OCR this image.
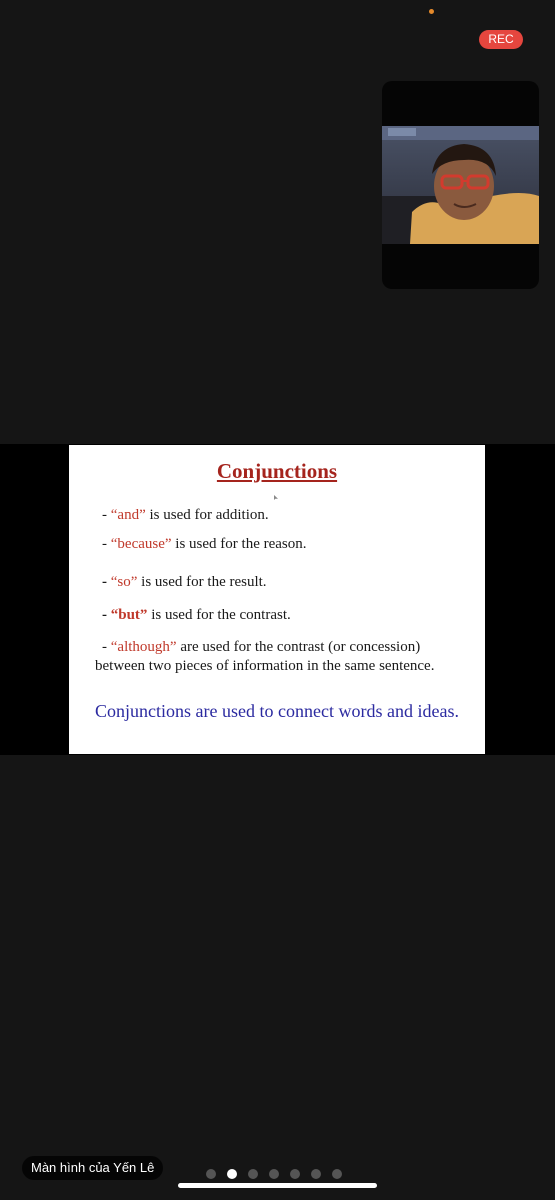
REC
Conjunctions
- “and” is used for addition.
- “because” is used for the reason.
- “so” is used for the result.
- “but” is used for the contrast.
- “although” are used for the contrast (or concession)
between two pieces of information in the same sentence.
Conjunctions are used to connect words and ideas.
Màn hình của Yến Lê
